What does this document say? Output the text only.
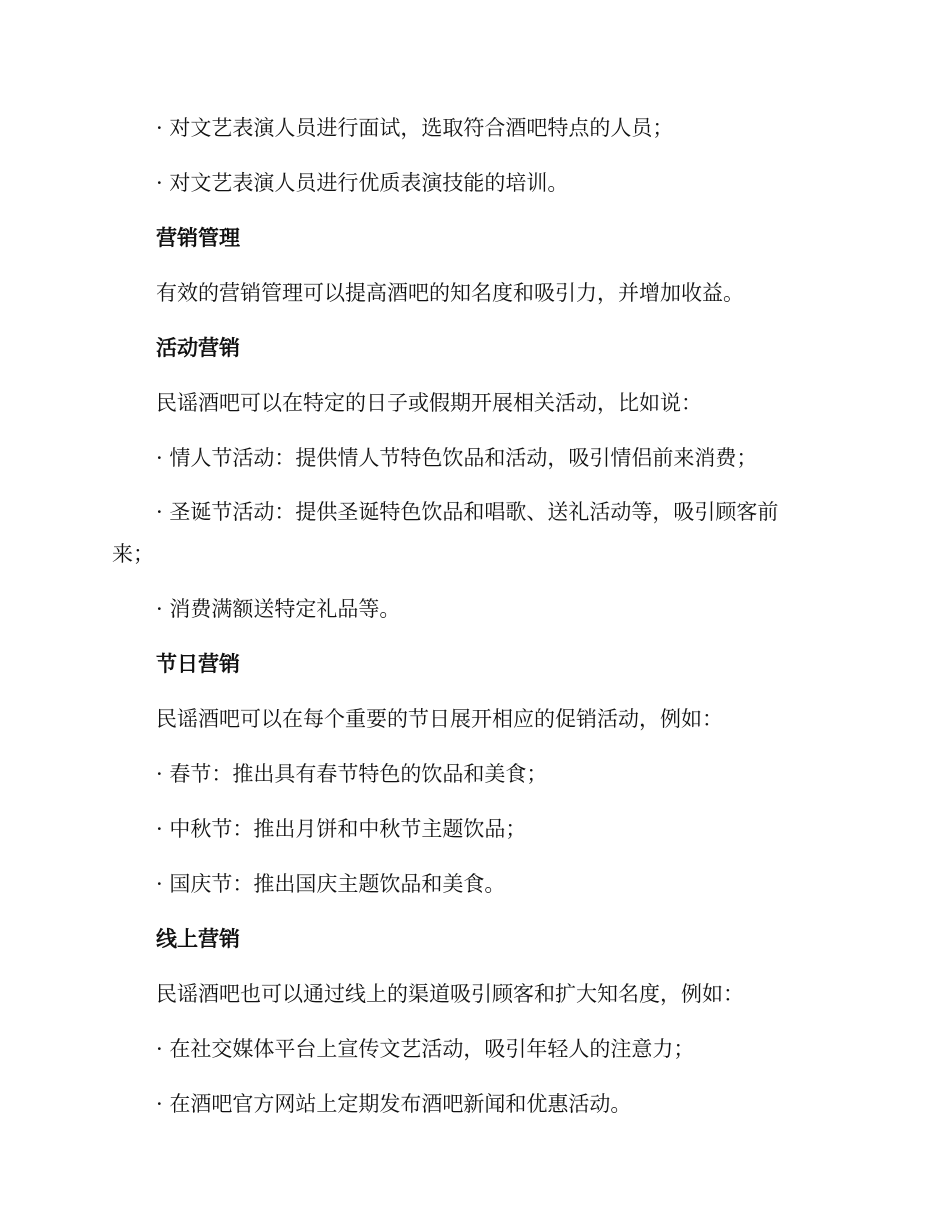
· 对文艺表演人员进行面试，选取符合酒吧特点的人员；
· 对文艺表演人员进行优质表演技能的培训。
营销管理
有效的营销管理可以提高酒吧的知名度和吸引力，并增加收益。
活动营销
民谣酒吧可以在特定的日子或假期开展相关活动，比如说：
· 情人节活动：提供情人节特色饮品和活动，吸引情侣前来消费；
· 圣诞节活动：提供圣诞特色饮品和唱歌、送礼活动等，吸引顾客前来；
· 消费满额送特定礼品等。
节日营销
民谣酒吧可以在每个重要的节日展开相应的促销活动，例如：
· 春节：推出具有春节特色的饮品和美食；
· 中秋节：推出月饼和中秋节主题饮品；
· 国庆节：推出国庆主题饮品和美食。
线上营销
民谣酒吧也可以通过线上的渠道吸引顾客和扩大知名度，例如：
· 在社交媒体平台上宣传文艺活动，吸引年轻人的注意力；
· 在酒吧官方网站上定期发布酒吧新闻和优惠活动。
